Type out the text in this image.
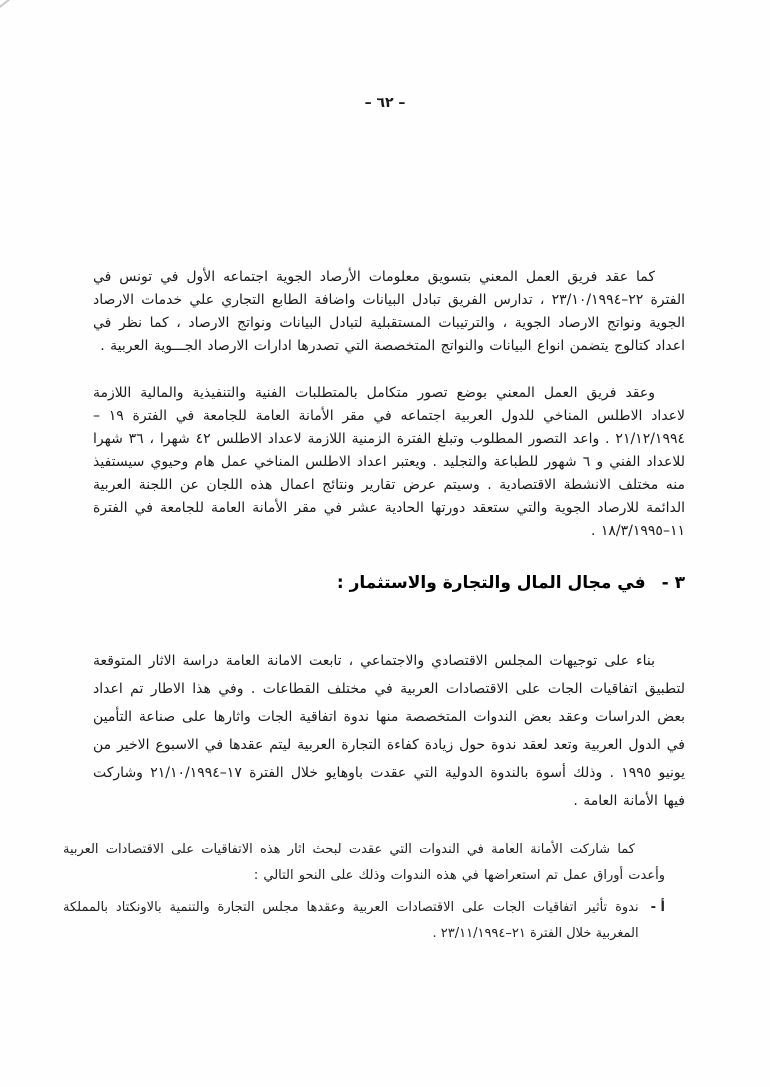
– ٦٢ –

كما عقد فريق العمل المعني بتسويق معلومات الأرصاد الجوية اجتماعه الأول في تونس في الفترة ٢٢–٢٣/١٠/١٩٩٤ ، تدارس الفريق تبادل البيانات واضافة الطابع التجاري علي خدمات الارصاد الجوية ونواتج الارصاد الجوية ، والترتيبات المستقبلية لتبادل البيانات ونواتج الارصاد ، كما نظر في اعداد كتالوج يتضمن انواع البيانات والنواتج المتخصصة التي تصدرها ادارات الارصاد الجـــوية العربية .

وعقد فريق العمل المعني بوضع تصور متكامل بالمتطلبات الفنية والتنفيذية والمالية اللازمة لاعداد الاطلس المناخي للدول العربية اجتماعه في مقر الأمانة العامة للجامعة في الفترة ١٩ – ٢١/١٢/١٩٩٤ . واعد التصور المطلوب وتبلغ الفترة الزمنية اللازمة لاعداد الاطلس ٤٢ شهرا ، ٣٦ شهرا للاعداد الفني و ٦ شهور للطباعة والتجليد . ويعتبر اعداد الاطلس المناخي عمل هام وحيوي سيستفيذ منه مختلف الانشطة الاقتصادية . وسيتم عرض تقارير ونتائج اعمال هذه اللجان عن اللجنة العربية الدائمة للارصاد الجوية والتي ستعقد دورتها الحادية عشر في مقر الأمانة العامة للجامعة في الفترة ١١–١٨/٣/١٩٩٥ .

٣ -
في مجال المال والتجارة والاستثمار :

بناء على توجيهات المجلس الاقتصادي والاجتماعي ، تابعت الامانة العامة دراسة الاثار المتوقعة لتطبيق اتفاقيات الجات على الاقتصادات العربية في مختلف القطاعات . وفي هذا الاطار تم اعداد بعض الدراسات وعقد بعض الندوات المتخصصة منها ندوة اتفاقية الجات واثارها على صناعة التأمين في الدول العربية وتعد لعقد ندوة حول زيادة كفاءة التجارة العربية ليتم عقدها في الاسبوع الاخير من يونيو ١٩٩٥ . وذلك أسوة بالندوة الدولية التي عقدت باوهايو خلال الفترة ١٧–٢١/١٠/١٩٩٤ وشاركت فيها الأمانة العامة .

كما شاركت الأمانة العامة في الندوات التي عقدت لبحث اثار هذه الاتفاقيات على الاقتصادات العربية وأعدت أوراق عمل تم استعراضها في هذه الندوات وذلك على النحو التالي :

أ -
ندوة تأثير اتفاقيات الجات على الاقتصادات العربية وعقدها مجلس التجارة والتنمية بالاونكتاد بالمملكة المغربية خلال الفترة ٢١–٢٣/١١/١٩٩٤ .
